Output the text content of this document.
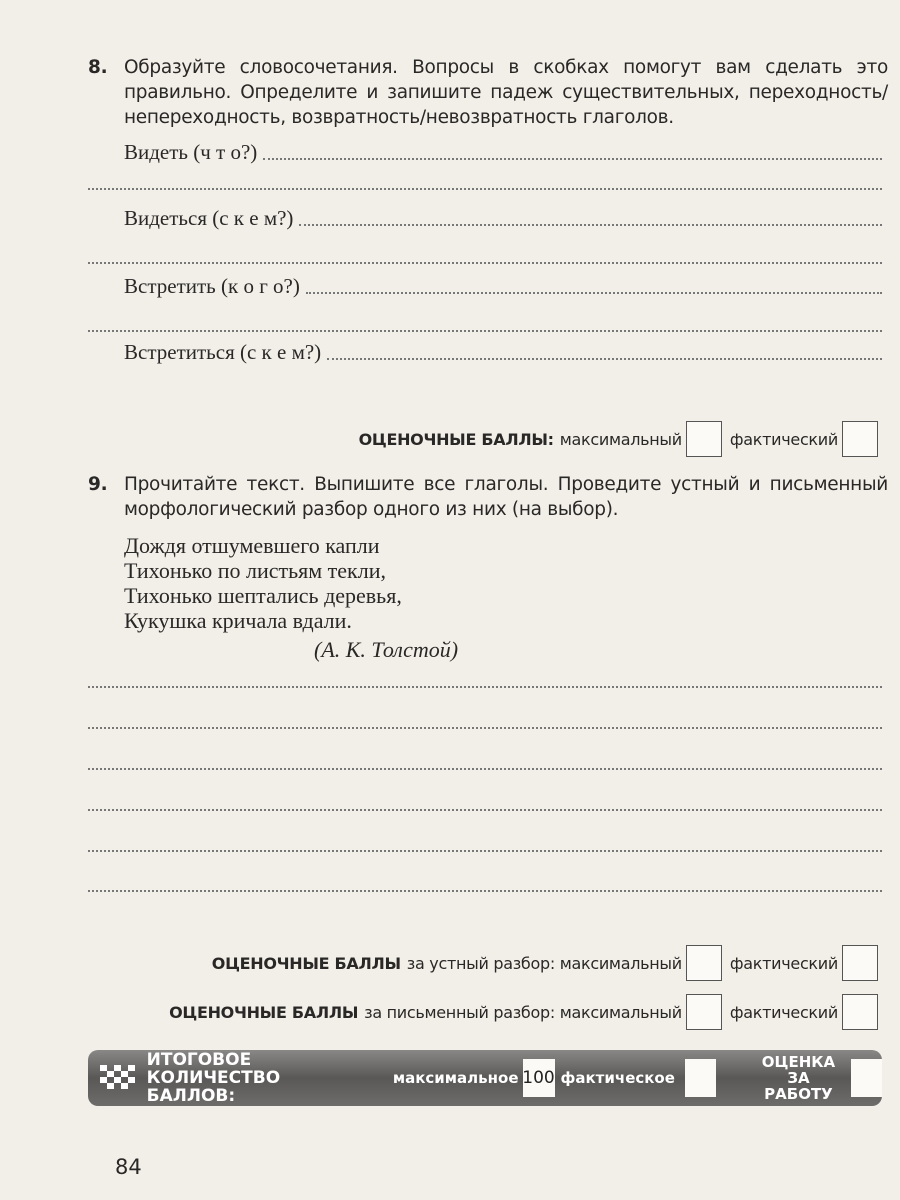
8. Образуйте словосочетания. Вопросы в скобках помогут вам сделать это правильно. Определите и запишите падеж существительных, переходность/непереходность, возвратность/невозвратность глаголов.
Видеть (ч т о?)
Видеться (с к е м?)
Встретить (к о г о?)
Встретиться (с к е м?)
ОЦЕНОЧНЫЕ БАЛЛЫ: максимальный	фактический
9. Прочитайте текст. Выпишите все глаголы. Проведите устный и письменный морфологический разбор одного из них (на выбор).
Дождя отшумевшего капли
Тихонько по листьям текли,
Тихонько шептались деревья,
Кукушка кричала вдали.
(А. К. Толстой)
ОЦЕНОЧНЫЕ БАЛЛЫ за устный разбор: максимальный	фактический
ОЦЕНОЧНЫЕ БАЛЛЫ за письменный разбор: максимальный	фактический
ИТОГОВОЕ КОЛИЧЕСТВО
БАЛЛОВ:
максимальное 100 фактическое
ОЦЕНКА
ЗА РАБОТУ
84
